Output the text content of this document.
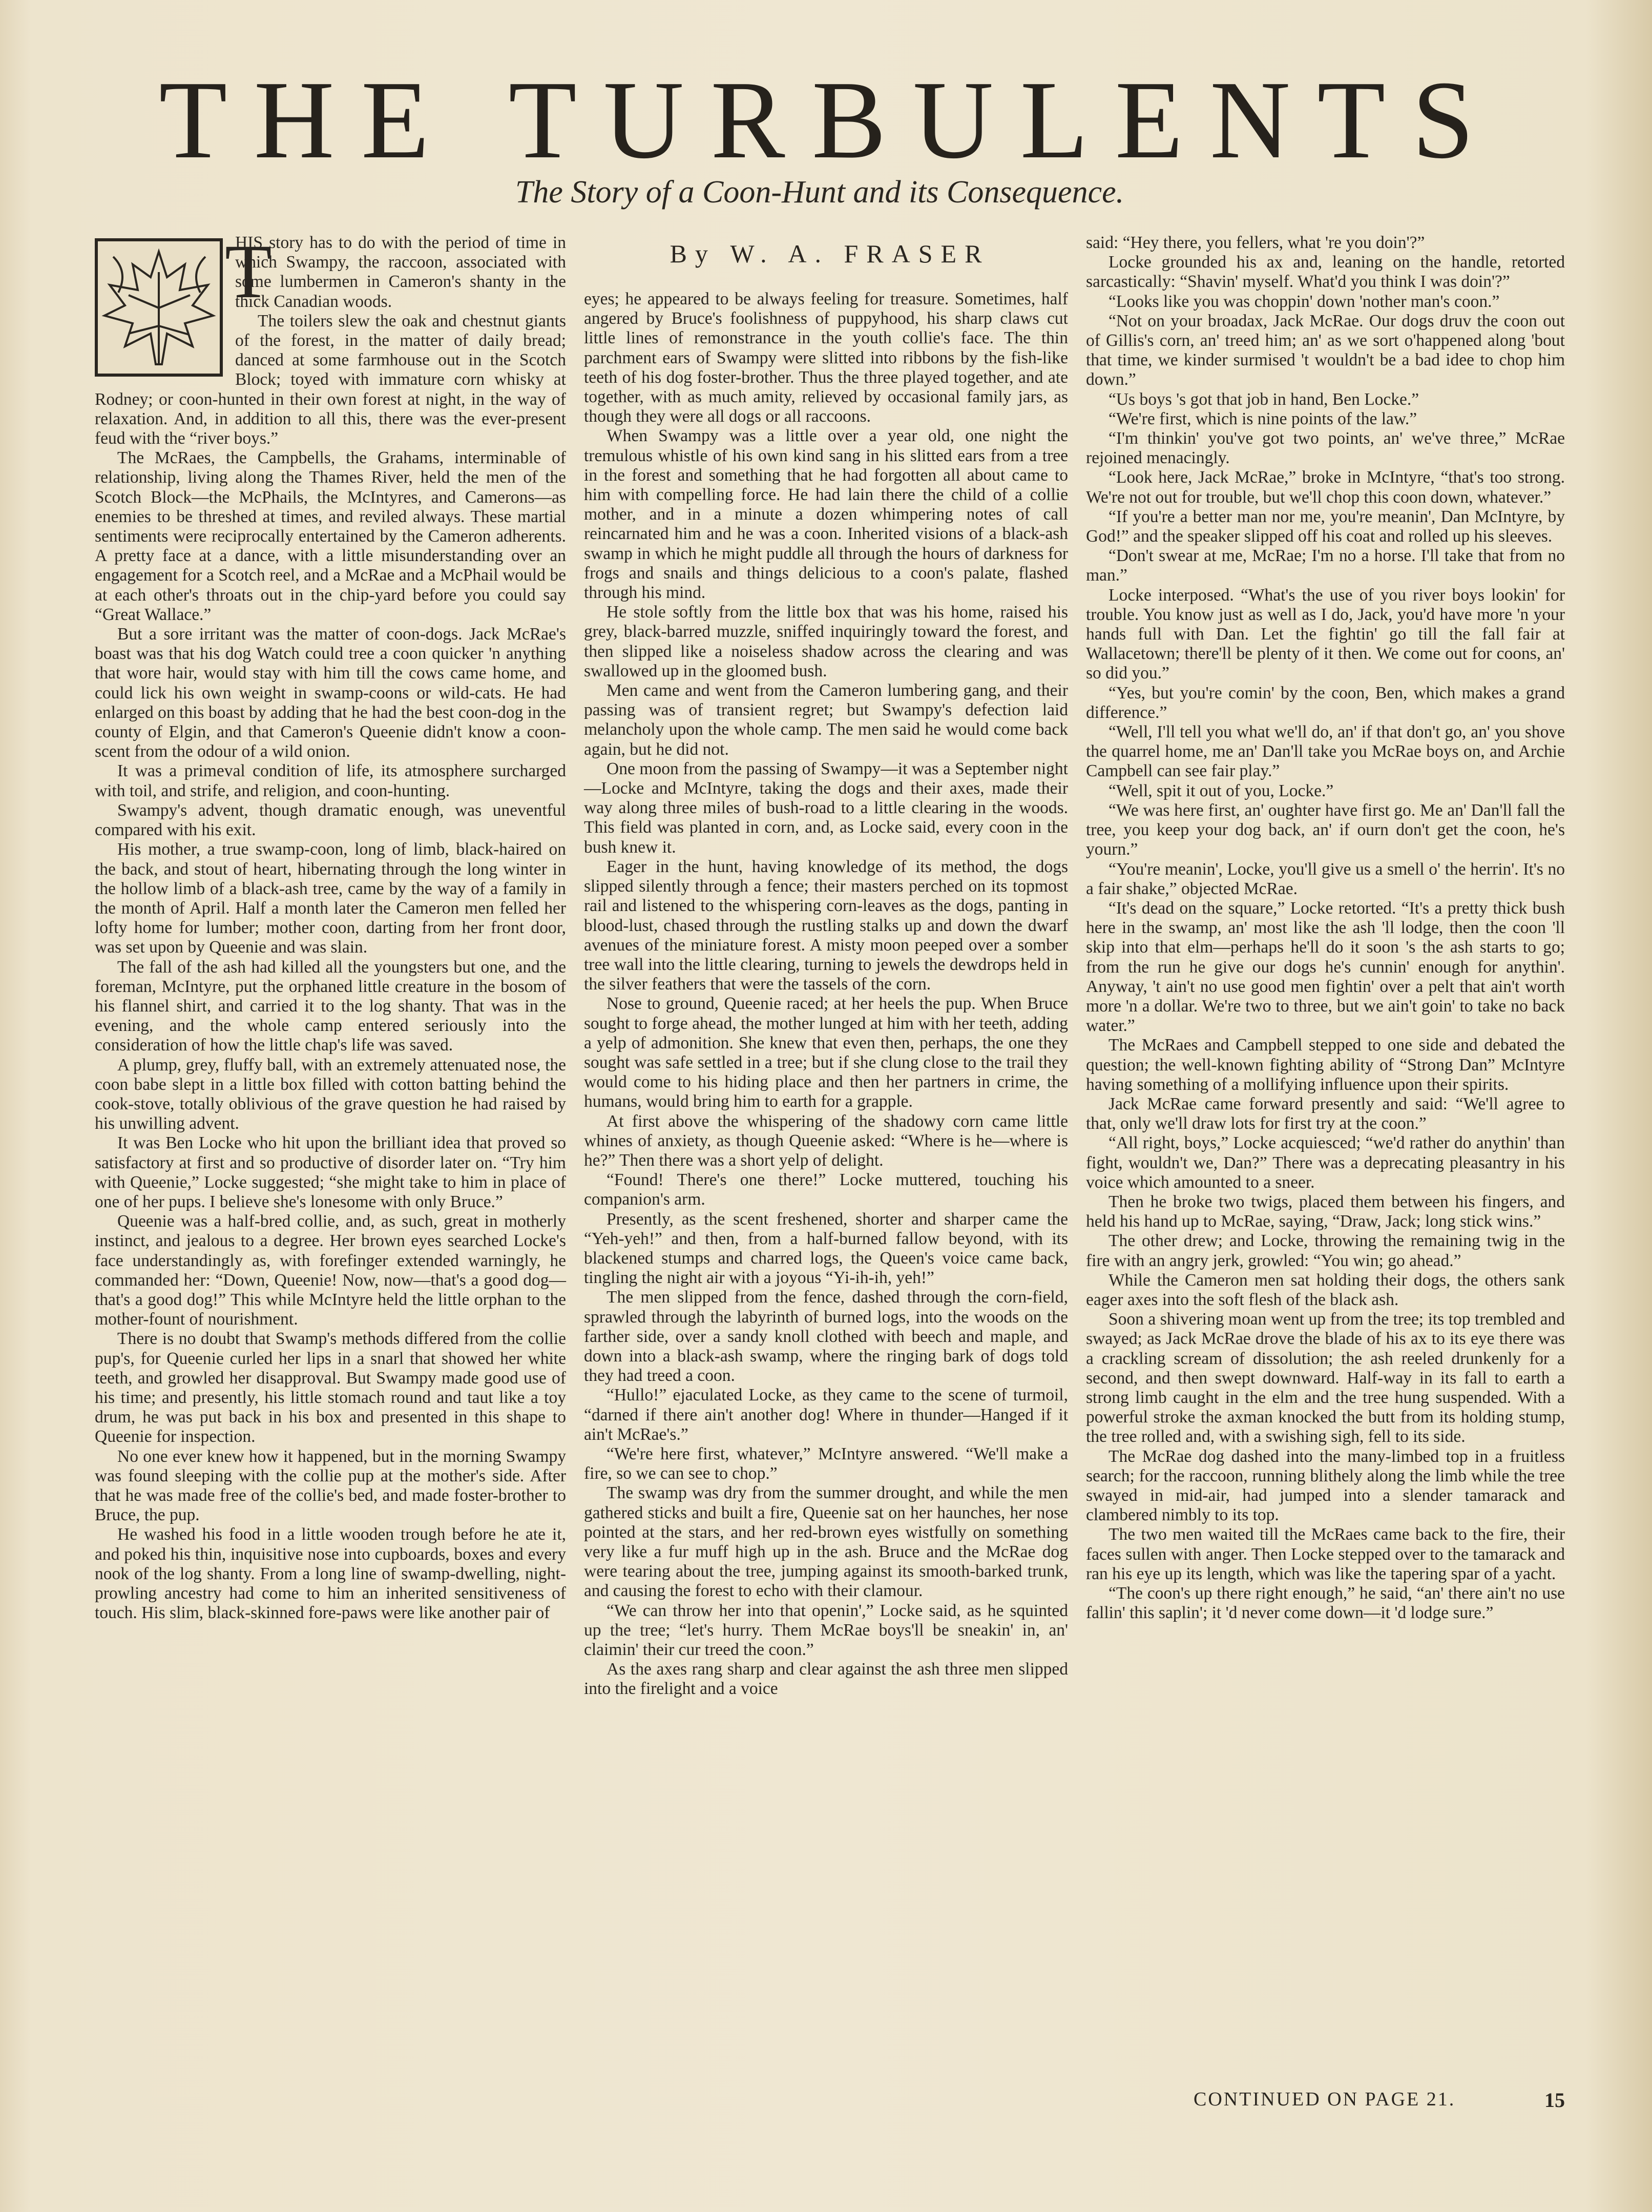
THE TURBULENTS
The Story of a Coon-Hunt and its Consequence.
By W. A. FRASER
T

HIS story has to do with the period of time in which Swampy, the raccoon, associated with some lumbermen in Cameron's shanty in the thick Canadian woods.

The toilers slew the oak and chestnut giants of the forest, in the matter of daily bread; danced at some farmhouse out in the Scotch Block; toyed with immature corn whisky at Rodney; or coon-hunted in their own forest at night, in the way of relaxation. And, in addition to all this, there was the ever-present feud with the “river boys.”

The McRaes, the Campbells, the Grahams, interminable of relationship, living along the Thames River, held the men of the Scotch Block—the McPhails, the McIntyres, and Camerons—as enemies to be threshed at times, and reviled always. These martial sentiments were reciprocally entertained by the Cameron adherents. A pretty face at a dance, with a little misunderstanding over an engagement for a Scotch reel, and a McRae and a McPhail would be at each other's throats out in the chip-yard before you could say “Great Wallace.”

But a sore irritant was the matter of coon-dogs. Jack McRae's boast was that his dog Watch could tree a coon quicker 'n anything that wore hair, would stay with him till the cows came home, and could lick his own weight in swamp-coons or wild-cats. He had enlarged on this boast by adding that he had the best coon-dog in the county of Elgin, and that Cameron's Queenie didn't know a coon-scent from the odour of a wild onion.

It was a primeval condition of life, its atmosphere surcharged with toil, and strife, and religion, and coon-hunting.

Swampy's advent, though dramatic enough, was uneventful compared with his exit.

His mother, a true swamp-coon, long of limb, black-haired on the back, and stout of heart, hibernating through the long winter in the hollow limb of a black-ash tree, came by the way of a family in the month of April. Half a month later the Cameron men felled her lofty home for lumber; mother coon, darting from her front door, was set upon by Queenie and was slain.

The fall of the ash had killed all the youngsters but one, and the foreman, McIntyre, put the orphaned little creature in the bosom of his flannel shirt, and carried it to the log shanty. That was in the evening, and the whole camp entered seriously into the consideration of how the little chap's life was saved.

A plump, grey, fluffy ball, with an extremely attenuated nose, the coon babe slept in a little box filled with cotton batting behind the cook-stove, totally oblivious of the grave question he had raised by his unwilling advent.

It was Ben Locke who hit upon the brilliant idea that proved so satisfactory at first and so productive of disorder later on. “Try him with Queenie,” Locke suggested; “she might take to him in place of one of her pups. I believe she's lonesome with only Bruce.”

Queenie was a half-bred collie, and, as such, great in motherly instinct, and jealous to a degree. Her brown eyes searched Locke's face understandingly as, with forefinger extended warningly, he commanded her: “Down, Queenie! Now, now—that's a good dog—that's a good dog!” This while McIntyre held the little orphan to the mother-fount of nourishment.

There is no doubt that Swamp's methods differed from the collie pup's, for Queenie curled her lips in a snarl that showed her white teeth, and growled her disapproval. But Swampy made good use of his time; and presently, his little stomach round and taut like a toy drum, he was put back in his box and presented in this shape to Queenie for inspection.

No one ever knew how it happened, but in the morning Swampy was found sleeping with the collie pup at the mother's side. After that he was made free of the collie's bed, and made foster-brother to Bruce, the pup.

He washed his food in a little wooden trough before he ate it, and poked his thin, inquisitive nose into cupboards, boxes and every nook of the log shanty. From a long line of swamp-dwelling, night-prowling ancestry had come to him an inherited sensitiveness of touch. His slim, black-skinned fore-paws were like another pair of

eyes; he appeared to be always feeling for treasure. Sometimes, half angered by Bruce's foolishness of puppyhood, his sharp claws cut little lines of remonstrance in the youth collie's face. The thin parchment ears of Swampy were slitted into ribbons by the fish-like teeth of his dog foster-brother. Thus the three played together, and ate together, with as much amity, relieved by occasional family jars, as though they were all dogs or all raccoons.

When Swampy was a little over a year old, one night the tremulous whistle of his own kind sang in his slitted ears from a tree in the forest and something that he had forgotten all about came to him with compelling force. He had lain there the child of a collie mother, and in a minute a dozen whimpering notes of call reincarnated him and he was a coon. Inherited visions of a black-ash swamp in which he might puddle all through the hours of darkness for frogs and snails and things delicious to a coon's palate, flashed through his mind.

He stole softly from the little box that was his home, raised his grey, black-barred muzzle, sniffed inquiringly toward the forest, and then slipped like a noiseless shadow across the clearing and was swallowed up in the gloomed bush.

Men came and went from the Cameron lumbering gang, and their passing was of transient regret; but Swampy's defection laid melancholy upon the whole camp. The men said he would come back again, but he did not.

One moon from the passing of Swampy—it was a September night—Locke and McIntyre, taking the dogs and their axes, made their way along three miles of bush-road to a little clearing in the woods. This field was planted in corn, and, as Locke said, every coon in the bush knew it.

Eager in the hunt, having knowledge of its method, the dogs slipped silently through a fence; their masters perched on its topmost rail and listened to the whispering corn-leaves as the dogs, panting in blood-lust, chased through the rustling stalks up and down the dwarf avenues of the miniature forest. A misty moon peeped over a somber tree wall into the little clearing, turning to jewels the dewdrops held in the silver feathers that were the tassels of the corn.

Nose to ground, Queenie raced; at her heels the pup. When Bruce sought to forge ahead, the mother lunged at him with her teeth, adding a yelp of admonition. She knew that even then, perhaps, the one they sought was safe settled in a tree; but if she clung close to the trail they would come to his hiding place and then her partners in crime, the humans, would bring him to earth for a grapple.

At first above the whispering of the shadowy corn came little whines of anxiety, as though Queenie asked: “Where is he—where is he?” Then there was a short yelp of delight.

“Found! There's one there!” Locke muttered, touching his companion's arm.

Presently, as the scent freshened, shorter and sharper came the “Yeh-yeh!” and then, from a half-burned fallow beyond, with its blackened stumps and charred logs, the Queen's voice came back, tingling the night air with a joyous “Yi-ih-ih, yeh!”

The men slipped from the fence, dashed through the corn-field, sprawled through the labyrinth of burned logs, into the woods on the farther side, over a sandy knoll clothed with beech and maple, and down into a black-ash swamp, where the ringing bark of dogs told they had treed a coon.

“Hullo!” ejaculated Locke, as they came to the scene of turmoil, “darned if there ain't another dog! Where in thunder—Hanged if it ain't McRae's.”

“We're here first, whatever,” McIntyre answered. “We'll make a fire, so we can see to chop.”

The swamp was dry from the summer drought, and while the men gathered sticks and built a fire, Queenie sat on her haunches, her nose pointed at the stars, and her red-brown eyes wistfully on something very like a fur muff high up in the ash. Bruce and the McRae dog were tearing about the tree, jumping against its smooth-barked trunk, and causing the forest to echo with their clamour.

“We can throw her into that openin',” Locke said, as he squinted up the tree; “let's hurry. Them McRae boys'll be sneakin' in, an' claimin' their cur treed the coon.”

As the axes rang sharp and clear against the ash three men slipped into the firelight and a voice

said: “Hey there, you fellers, what 're you doin'?”

Locke grounded his ax and, leaning on the handle, retorted sarcastically: “Shavin' myself. What'd you think I was doin'?”

“Looks like you was choppin' down 'nother man's coon.”

“Not on your broadax, Jack McRae. Our dogs druv the coon out of Gillis's corn, an' treed him; an' as we sort o'happened along 'bout that time, we kinder surmised 't wouldn't be a bad idee to chop him down.”

“Us boys 's got that job in hand, Ben Locke.”

“We're first, which is nine points of the law.”

“I'm thinkin' you've got two points, an' we've three,” McRae rejoined menacingly.

“Look here, Jack McRae,” broke in McIntyre, “that's too strong. We're not out for trouble, but we'll chop this coon down, whatever.”

“If you're a better man nor me, you're meanin', Dan McIntyre, by God!” and the speaker slipped off his coat and rolled up his sleeves.

“Don't swear at me, McRae; I'm no a horse. I'll take that from no man.”

Locke interposed. “What's the use of you river boys lookin' for trouble. You know just as well as I do, Jack, you'd have more 'n your hands full with Dan. Let the fightin' go till the fall fair at Wallacetown; there'll be plenty of it then. We come out for coons, an' so did you.”

“Yes, but you're comin' by the coon, Ben, which makes a grand difference.”

“Well, I'll tell you what we'll do, an' if that don't go, an' you shove the quarrel home, me an' Dan'll take you McRae boys on, and Archie Campbell can see fair play.”

“Well, spit it out of you, Locke.”

“We was here first, an' oughter have first go. Me an' Dan'll fall the tree, you keep your dog back, an' if ourn don't get the coon, he's yourn.”

“You're meanin', Locke, you'll give us a smell o' the herrin'. It's no a fair shake,” objected McRae.

“It's dead on the square,” Locke retorted. “It's a pretty thick bush here in the swamp, an' most like the ash 'll lodge, then the coon 'll skip into that elm—perhaps he'll do it soon 's the ash starts to go; from the run he give our dogs he's cunnin' enough for anythin'. Anyway, 't ain't no use good men fightin' over a pelt that ain't worth more 'n a dollar. We're two to three, but we ain't goin' to take no back water.”

The McRaes and Campbell stepped to one side and debated the question; the well-known fighting ability of “Strong Dan” McIntyre having something of a mollifying influence upon their spirits.

Jack McRae came forward presently and said: “We'll agree to that, only we'll draw lots for first try at the coon.”

“All right, boys,” Locke acquiesced; “we'd rather do anythin' than fight, wouldn't we, Dan?” There was a deprecating pleasantry in his voice which amounted to a sneer.

Then he broke two twigs, placed them between his fingers, and held his hand up to McRae, saying, “Draw, Jack; long stick wins.”

The other drew; and Locke, throwing the remaining twig in the fire with an angry jerk, growled: “You win; go ahead.”

While the Cameron men sat holding their dogs, the others sank eager axes into the soft flesh of the black ash.

Soon a shivering moan went up from the tree; its top trembled and swayed; as Jack McRae drove the blade of his ax to its eye there was a crackling scream of dissolution; the ash reeled drunkenly for a second, and then swept downward. Half-way in its fall to earth a strong limb caught in the elm and the tree hung suspended. With a powerful stroke the axman knocked the butt from its holding stump, the tree rolled and, with a swishing sigh, fell to its side.

The McRae dog dashed into the many-limbed top in a fruitless search; for the raccoon, running blithely along the limb while the tree swayed in mid-air, had jumped into a slender tamarack and clambered nimbly to its top.

The two men waited till the McRaes came back to the fire, their faces sullen with anger. Then Locke stepped over to the tamarack and ran his eye up its length, which was like the tapering spar of a yacht.

“The coon's up there right enough,” he said, “an' there ain't no use fallin' this saplin'; it 'd never come down—it 'd lodge sure.”

CONTINUED ON PAGE 21.	15
